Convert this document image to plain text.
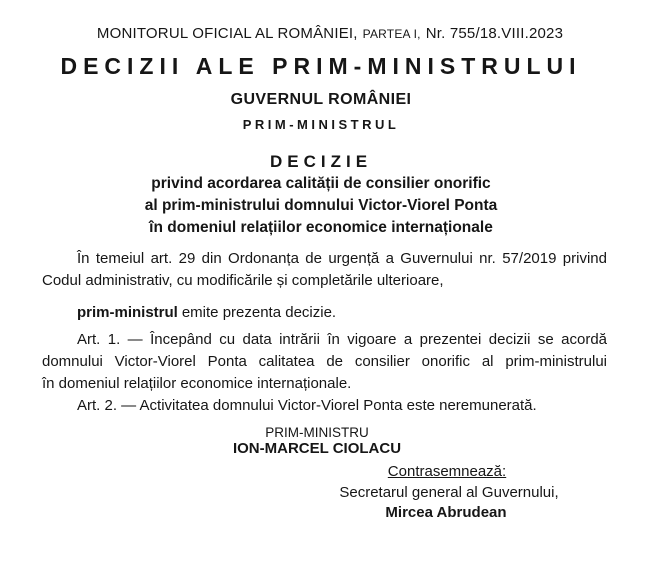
MONITORUL OFICIAL AL ROMÂNIEI, PARTEA I, Nr. 755/18.VIII.2023
DECIZII ALE PRIM-MINISTRULUI
GUVERNUL ROMÂNIEI
PRIM-MINISTRUL
DECIZIE
privind acordarea calității de consilier onorific
al prim-ministrului domnului Victor-Viorel Ponta
în domeniul relațiilor economice internaționale
În temeiul art. 29 din Ordonanța de urgență a Guvernului nr. 57/2019 privind
Codul administrativ, cu modificările și completările ulterioare,
prim-ministrul emite prezenta decizie.
Art. 1. — Începând cu data intrării în vigoare a prezentei decizii se acordă
domnului Victor-Viorel Ponta calitatea de consilier onorific al prim-ministrului
în domeniul relațiilor economice internaționale.
Art. 2. — Activitatea domnului Victor-Viorel Ponta este neremunerată.
PRIM-MINISTRU
ION-MARCEL CIOLACU
Contrasemnează:
Secretarul general al Guvernului,
Mircea Abrudean
